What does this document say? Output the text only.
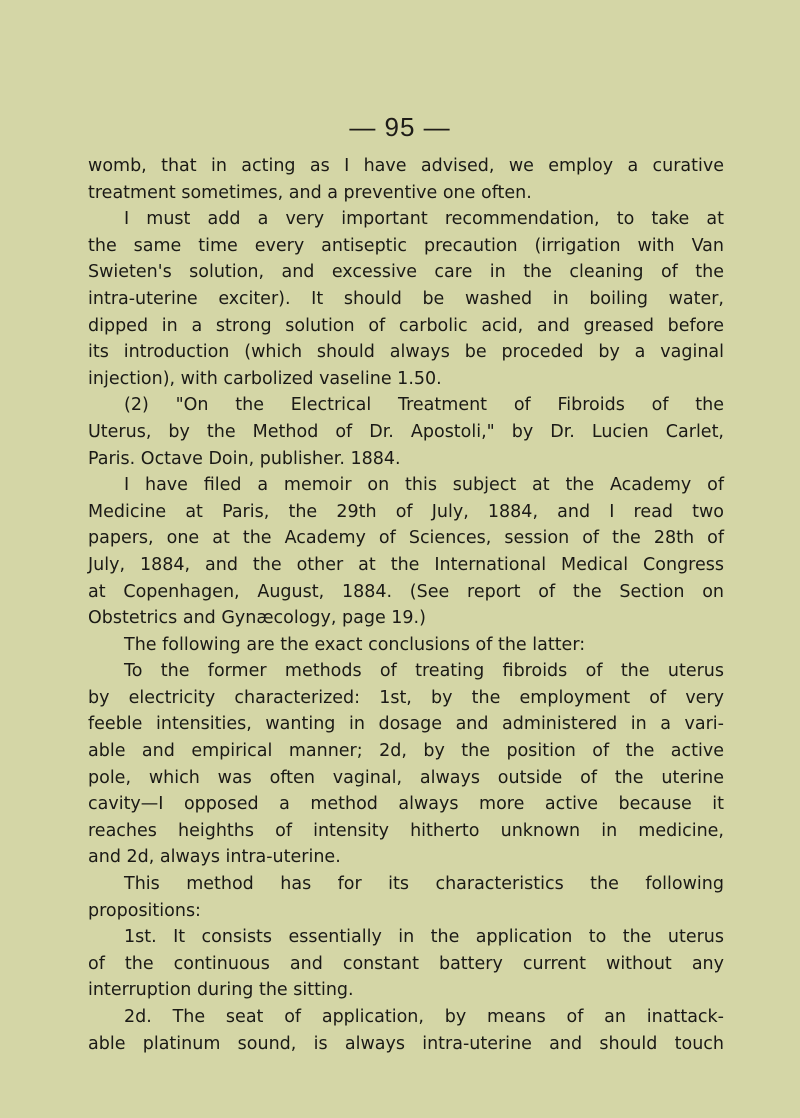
— 95 —
womb, that in acting as I have advised, we employ a curative
treatment sometimes, and a preventive one often.
I must add a very important recommendation, to take at
the same time every antiseptic precaution (irrigation with Van
Swieten's solution, and excessive care in the cleaning of the
intra-uterine exciter). It should be washed in boiling water,
dipped in a strong solution of carbolic acid, and greased before
its introduction (which should always be proceded by a vaginal
injection), with carbolized vaseline 1.50.
(2) "On the Electrical Treatment of Fibroids of the
Uterus, by the Method of Dr. Apostoli," by Dr. Lucien Carlet,
Paris. Octave Doin, publisher. 1884.
I have filed a memoir on this subject at the Academy of
Medicine at Paris, the 29th of July, 1884, and I read two
papers, one at the Academy of Sciences, session of the 28th of
July, 1884, and the other at the International Medical Congress
at Copenhagen, August, 1884. (See report of the Section on
Obstetrics and Gynæcology, page 19.)
The following are the exact conclusions of the latter:
To the former methods of treating fibroids of the uterus
by electricity characterized: 1st, by the employment of very
feeble intensities, wanting in dosage and administered in a vari-
able and empirical manner; 2d, by the position of the active
pole, which was often vaginal, always outside of the uterine
cavity—I opposed a method always more active because it
reaches heighths of intensity hitherto unknown in medicine,
and 2d, always intra-uterine.
This method has for its characteristics the following
propositions:
1st. It consists essentially in the application to the uterus
of the continuous and constant battery current without any
interruption during the sitting.
2d. The seat of application, by means of an inattack-
able platinum sound, is always intra-uterine and should touch
